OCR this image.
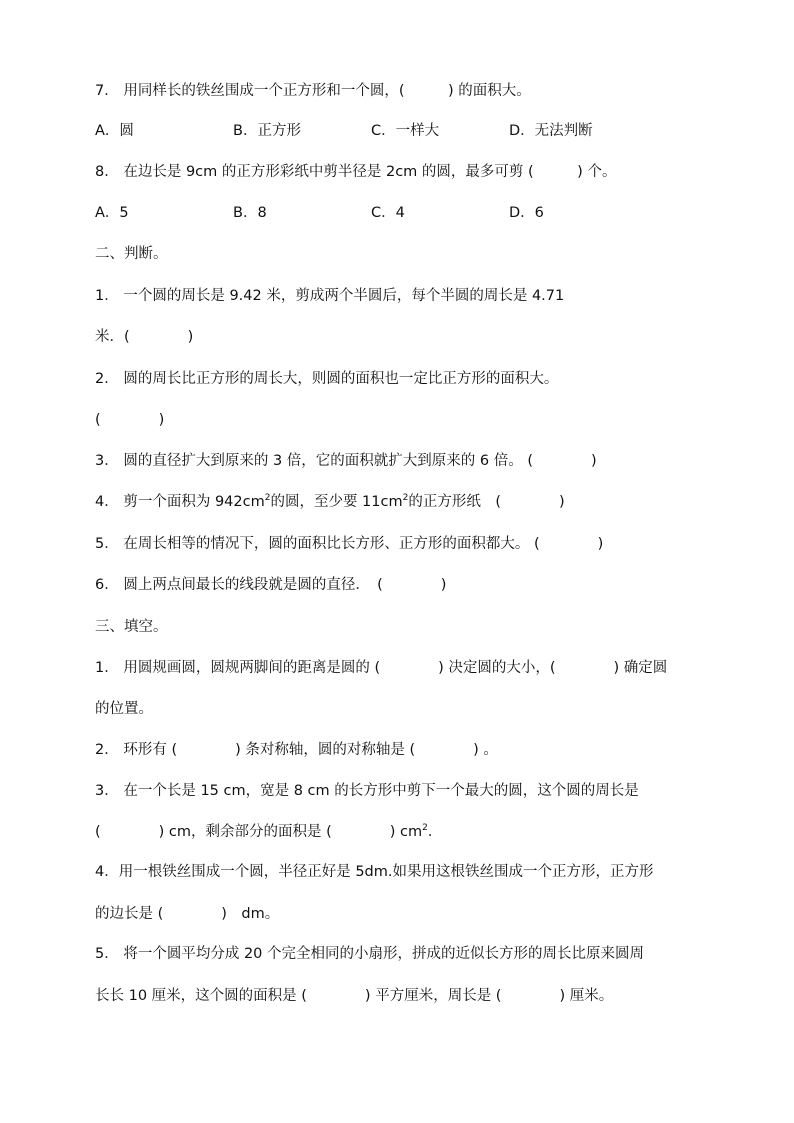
7． 用同样长的铁丝围成一个正方形和一个圆，(　　　) 的面积大。
A．圆	B．正方形	C．一样大	D．无法判断
8． 在边长是 9cm 的正方形彩纸中剪半径是 2cm 的圆，最多可剪 (　　　) 个。
A．5	B．8	C．4	D．6
二、判断。
1． 一个圆的周长是 9.42 米，剪成两个半圆后，每个半圆的周长是 4.71
米．(　　　　)
2． 圆的周长比正方形的周长大，则圆的面积也一定比正方形的面积大。
(　　　　)
3． 圆的直径扩大到原来的 3 倍，它的面积就扩大到原来的 6 倍。 (　　　　)
4． 剪一个面积为 $942cm^2$的圆，至少要 $11cm^2$的正方形纸　(　　　　)
5． 在周长相等的情况下，圆的面积比长方形、正方形的面积都大。 (　　　　)
6． 圆上两点间最长的线段就是圆的直径．　(　　　　)
三、填空。
1． 用圆规画圆，圆规两脚间的距离是圆的 (　　　　) 决定圆的大小，(　　　　) 确定圆
的位置。
2． 环形有 (　　　　) 条对称轴，圆的对称轴是 (　　　　) 。
3． 在一个长是 15 cm，宽是 8 cm 的长方形中剪下一个最大的圆，这个圆的周长是
(　　　　) cm，剩余部分的面积是 (　　　　) $cm^2$．
4．用一根铁丝围成一个圆，半径正好是 5dm.如果用这根铁丝围成一个正方形，正方形
的边长是 (　　　　)　dm。
5． 将一个圆平均分成 20 个完全相同的小扇形，拼成的近似长方形的周长比原来圆周
长长 10 厘米，这个圆的面积是 (　　　　) 平方厘米，周长是 (　　　　) 厘米。
